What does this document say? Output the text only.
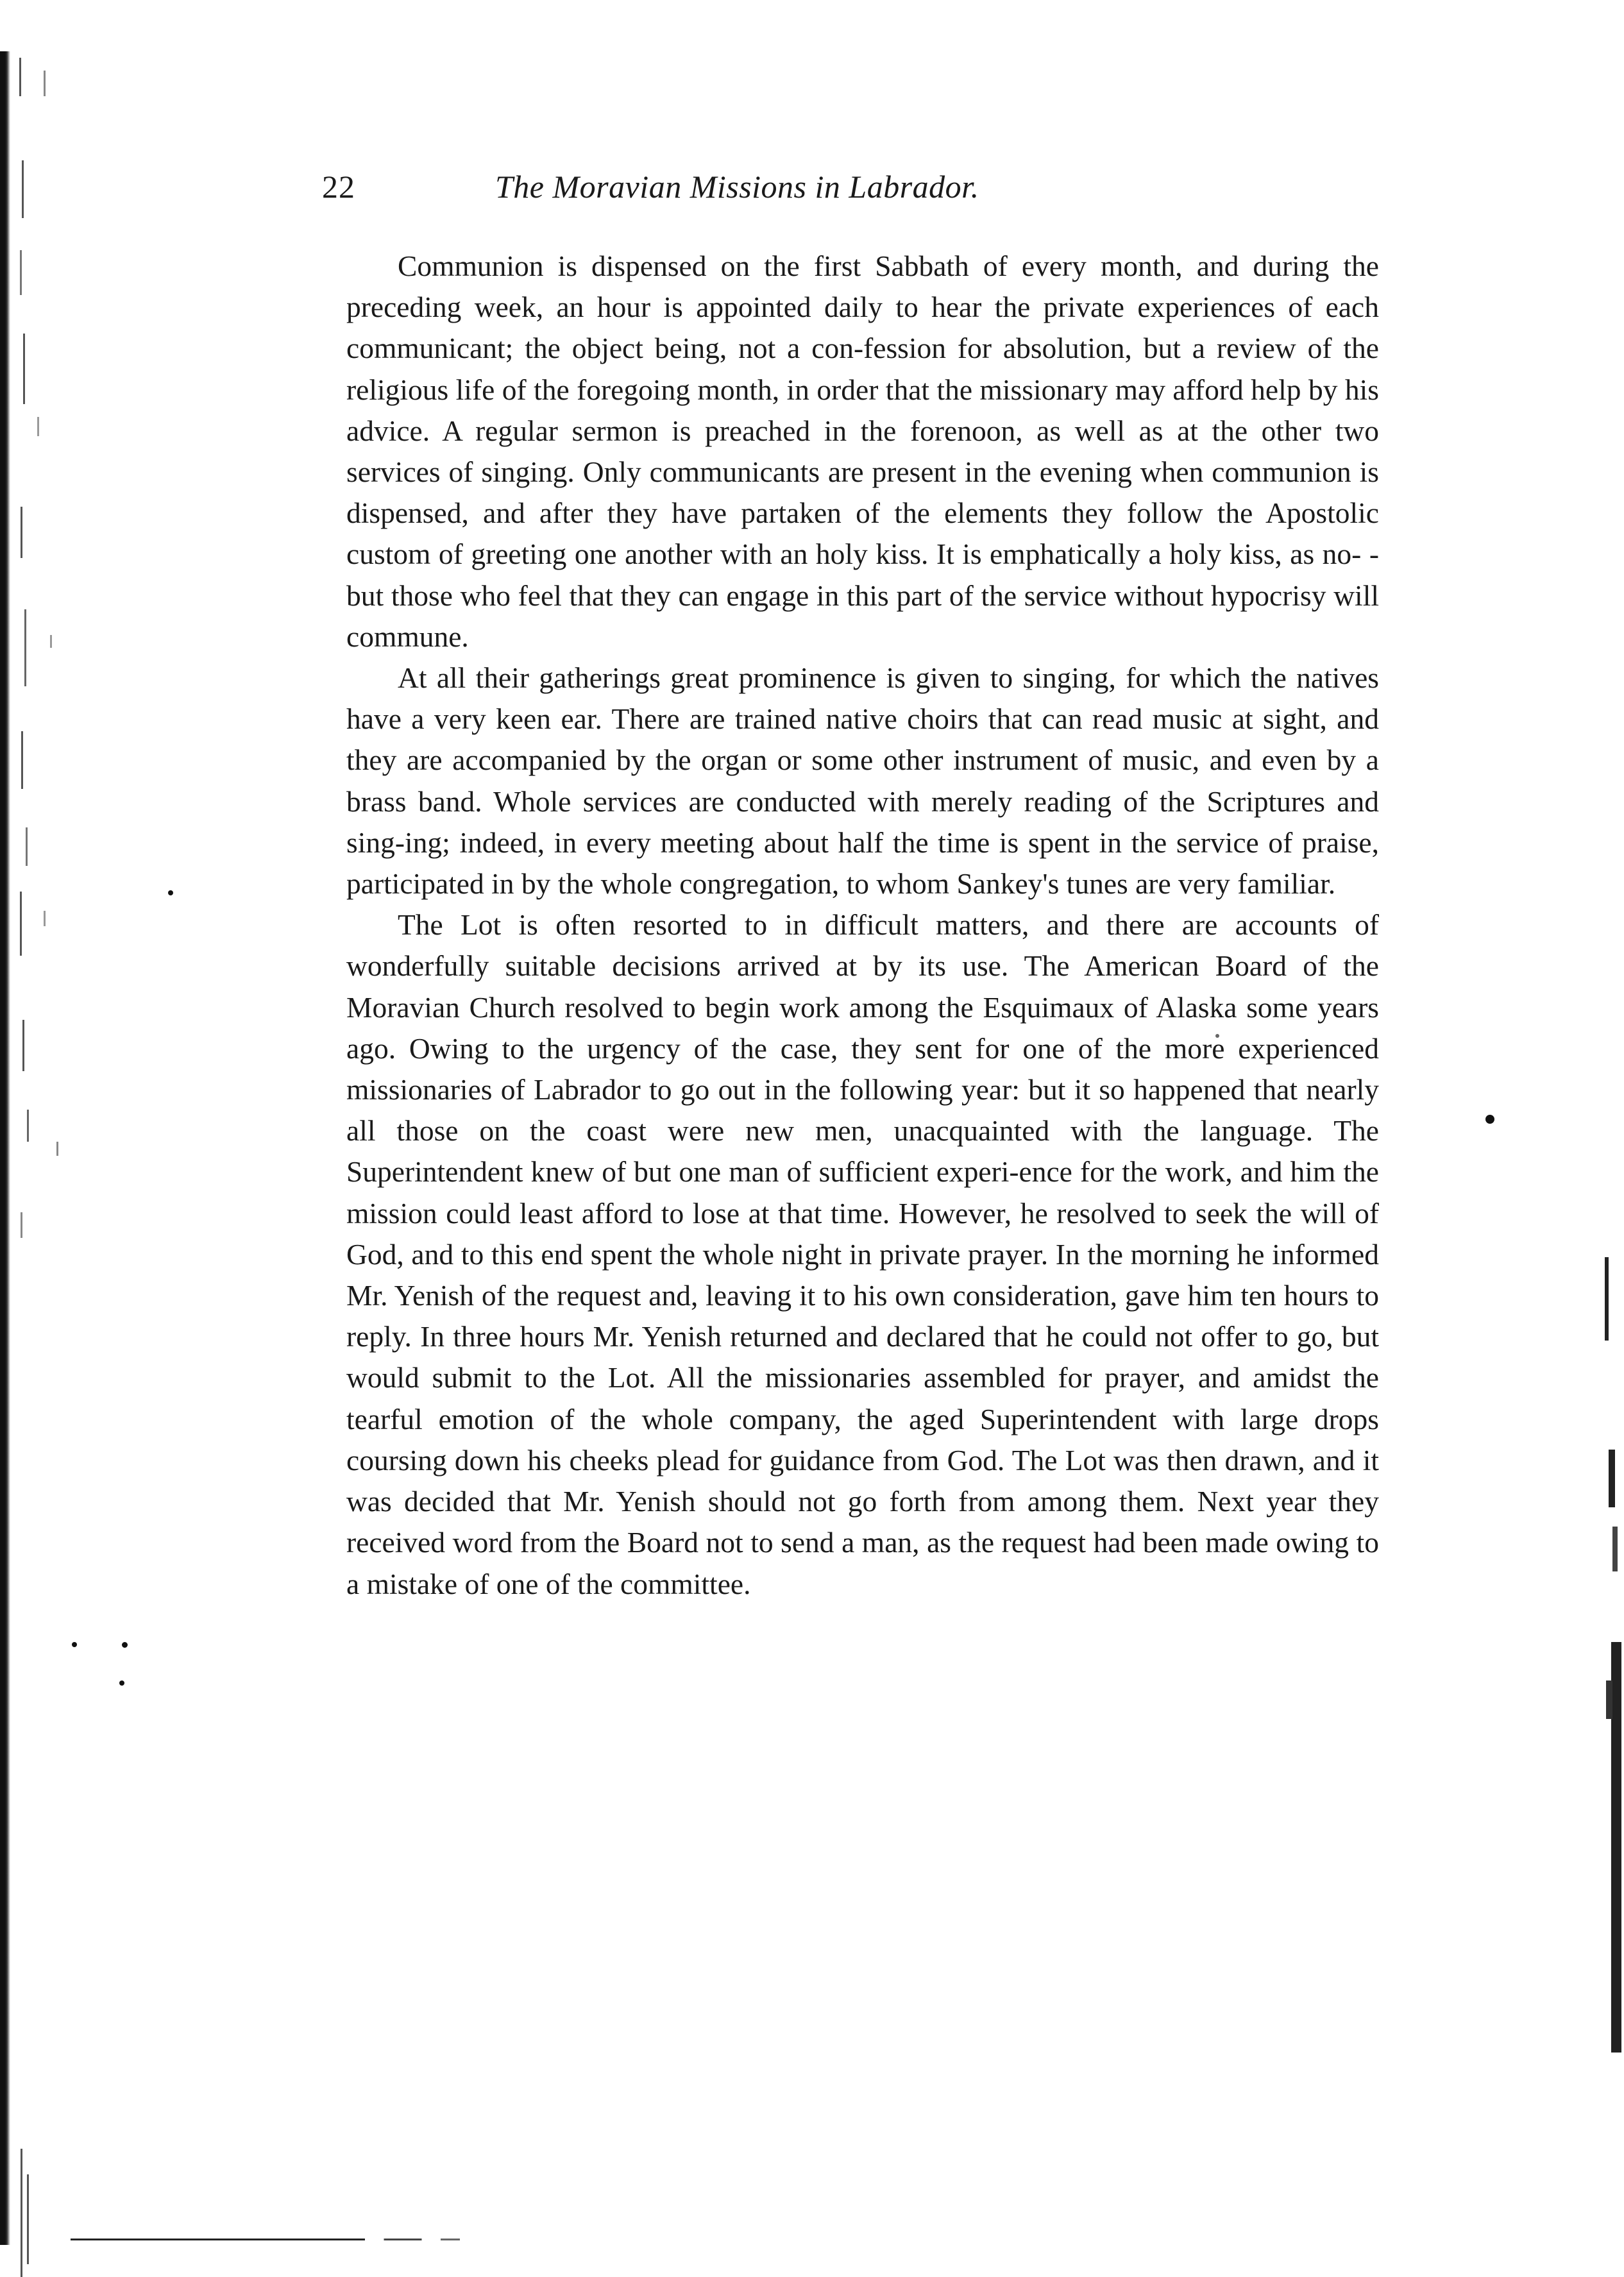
22	The Moravian Missions in Labrador.

Communion is dispensed on the first Sabbath of every month, and during the preceding week, an hour is appointed daily to hear the private experiences of each communicant; the object being, not a con-fession for absolution, but a review of the religious life of the foregoing month, in order that the missionary may afford help by his advice. A regular sermon is preached in the forenoon, as well as at the other two services of singing. Only communicants are present in the evening when communion is dispensed, and after they have partaken of the elements they follow the Apostolic custom of greeting one another with an holy kiss. It is emphatically a holy kiss, as no- - but those who feel that they can engage in this part of the service without hypocrisy will commune.

At all their gatherings great prominence is given to singing, for which the natives have a very keen ear. There are trained native choirs that can read music at sight, and they are accompanied by the organ or some other instrument of music, and even by a brass band. Whole services are conducted with merely reading of the Scriptures and sing-ing; indeed, in every meeting about half the time is spent in the service of praise, participated in by the whole congregation, to whom Sankey's tunes are very familiar.

The Lot is often resorted to in difficult matters, and there are accounts of wonderfully suitable decisions arrived at by its use. The American Board of the Moravian Church resolved to begin work among the Esquimaux of Alaska some years ago. Owing to the urgency of the case, they sent for one of the more experienced missionaries of Labrador to go out in the following year: but it so happened that nearly all those on the coast were new men, unacquainted with the language. The Superintendent knew of but one man of sufficient experi-ence for the work, and him the mission could least afford to lose at that time. However, he resolved to seek the will of God, and to this end spent the whole night in private prayer. In the morning he informed Mr. Yenish of the request and, leaving it to his own consideration, gave him ten hours to reply. In three hours Mr. Yenish returned and declared that he could not offer to go, but would submit to the Lot. All the missionaries assembled for prayer, and amidst the tearful emotion of the whole company, the aged Superintendent with large drops coursing down his cheeks plead for guidance from God. The Lot was then drawn, and it was decided that Mr. Yenish should not go forth from among them. Next year they received word from the Board not to send a man, as the request had been made owing to a mistake of one of the committee.
